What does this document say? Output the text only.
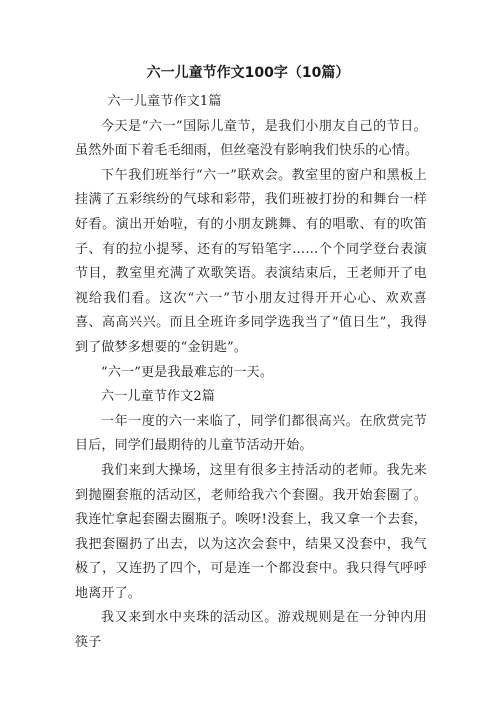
六一儿童节作文100字（10篇）

六一儿童节作文1篇

今天是“六一”国际儿童节，是我们小朋友自己的节日。虽然外面下着毛毛细雨，但丝毫没有影响我们快乐的心情。

下午我们班举行“六一”联欢会。教室里的窗户和黑板上挂满了五彩缤纷的气球和彩带，我们班被打扮的和舞台一样好看。演出开始啦，有的小朋友跳舞、有的唱歌、有的吹笛子、有的拉小提琴、还有的写铅笔字……个个同学登台表演节目，教室里充满了欢歌笑语。表演结束后，王老师开了电视给我们看。这次“六一”节小朋友过得开开心心、欢欢喜喜、高高兴兴。而且全班许多同学选我当了“值日生”，我得到了做梦多想要的“金钥匙”。

“六一”更是我最难忘的一天。

六一儿童节作文2篇

一年一度的六一来临了，同学们都很高兴。在欣赏完节目后，同学们最期待的儿童节活动开始。

我们来到大操场，这里有很多主持活动的老师。我先来到抛圈套瓶的活动区，老师给我六个套圈。我开始套圈了。我连忙拿起套圈去圈瓶子。唉呀!没套上，我又拿一个去套，我把套圈扔了出去，以为这次会套中，结果又没套中，我气极了，又连扔了四个，可是连一个都没套中。我只得气呼呼地离开了。

我又来到水中夹珠的活动区。游戏规则是在一分钟内用筷子
